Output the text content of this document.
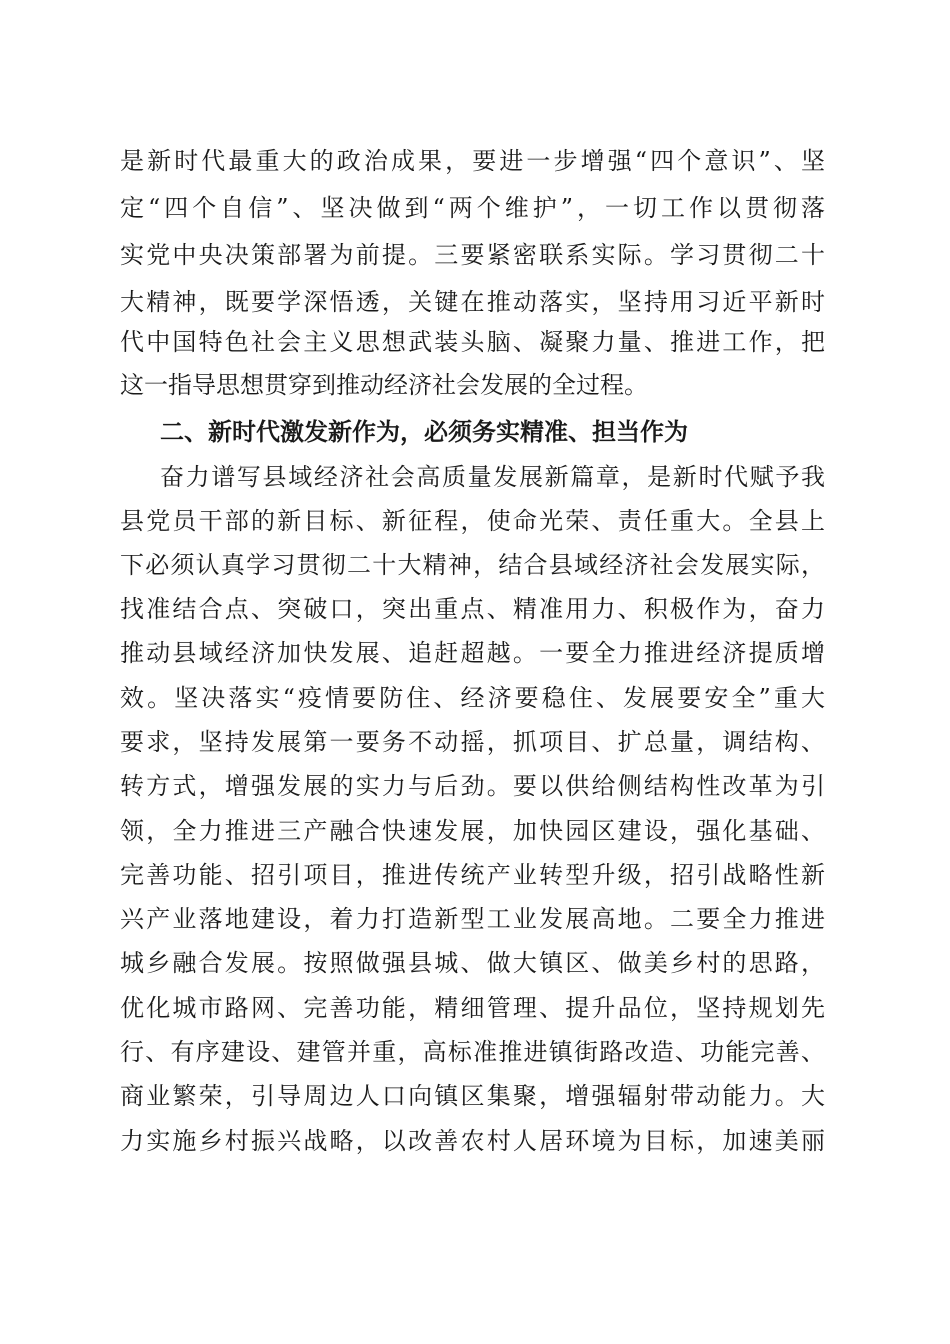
是新时代最重大的政治成果，要进一步增强“四个意识”、坚
定“四个自信”、坚决做到“两个维护”，一切工作以贯彻落
实党中央决策部署为前提。三要紧密联系实际。学习贯彻二十
大精神，既要学深悟透，关键在推动落实，坚持用习近平新时
代中国特色社会主义思想武装头脑、凝聚力量、推进工作，把
这一指导思想贯穿到推动经济社会发展的全过程。
二、新时代激发新作为，必须务实精准、担当作为
奋力谱写县域经济社会高质量发展新篇章，是新时代赋予我
县党员干部的新目标、新征程，使命光荣、责任重大。全县上
下必须认真学习贯彻二十大精神，结合县域经济社会发展实际，
找准结合点、突破口，突出重点、精准用力、积极作为，奋力
推动县域经济加快发展、追赶超越。一要全力推进经济提质增
效。坚决落实“疫情要防住、经济要稳住、发展要安全”重大
要求，坚持发展第一要务不动摇，抓项目、扩总量，调结构、
转方式，增强发展的实力与后劲。要以供给侧结构性改革为引
领，全力推进三产融合快速发展，加快园区建设，强化基础、
完善功能、招引项目，推进传统产业转型升级，招引战略性新
兴产业落地建设，着力打造新型工业发展高地。二要全力推进
城乡融合发展。按照做强县城、做大镇区、做美乡村的思路，
优化城市路网、完善功能，精细管理、提升品位，坚持规划先
行、有序建设、建管并重，高标准推进镇街路改造、功能完善、
商业繁荣，引导周边人口向镇区集聚，增强辐射带动能力。大
力实施乡村振兴战略，以改善农村人居环境为目标，加速美丽
